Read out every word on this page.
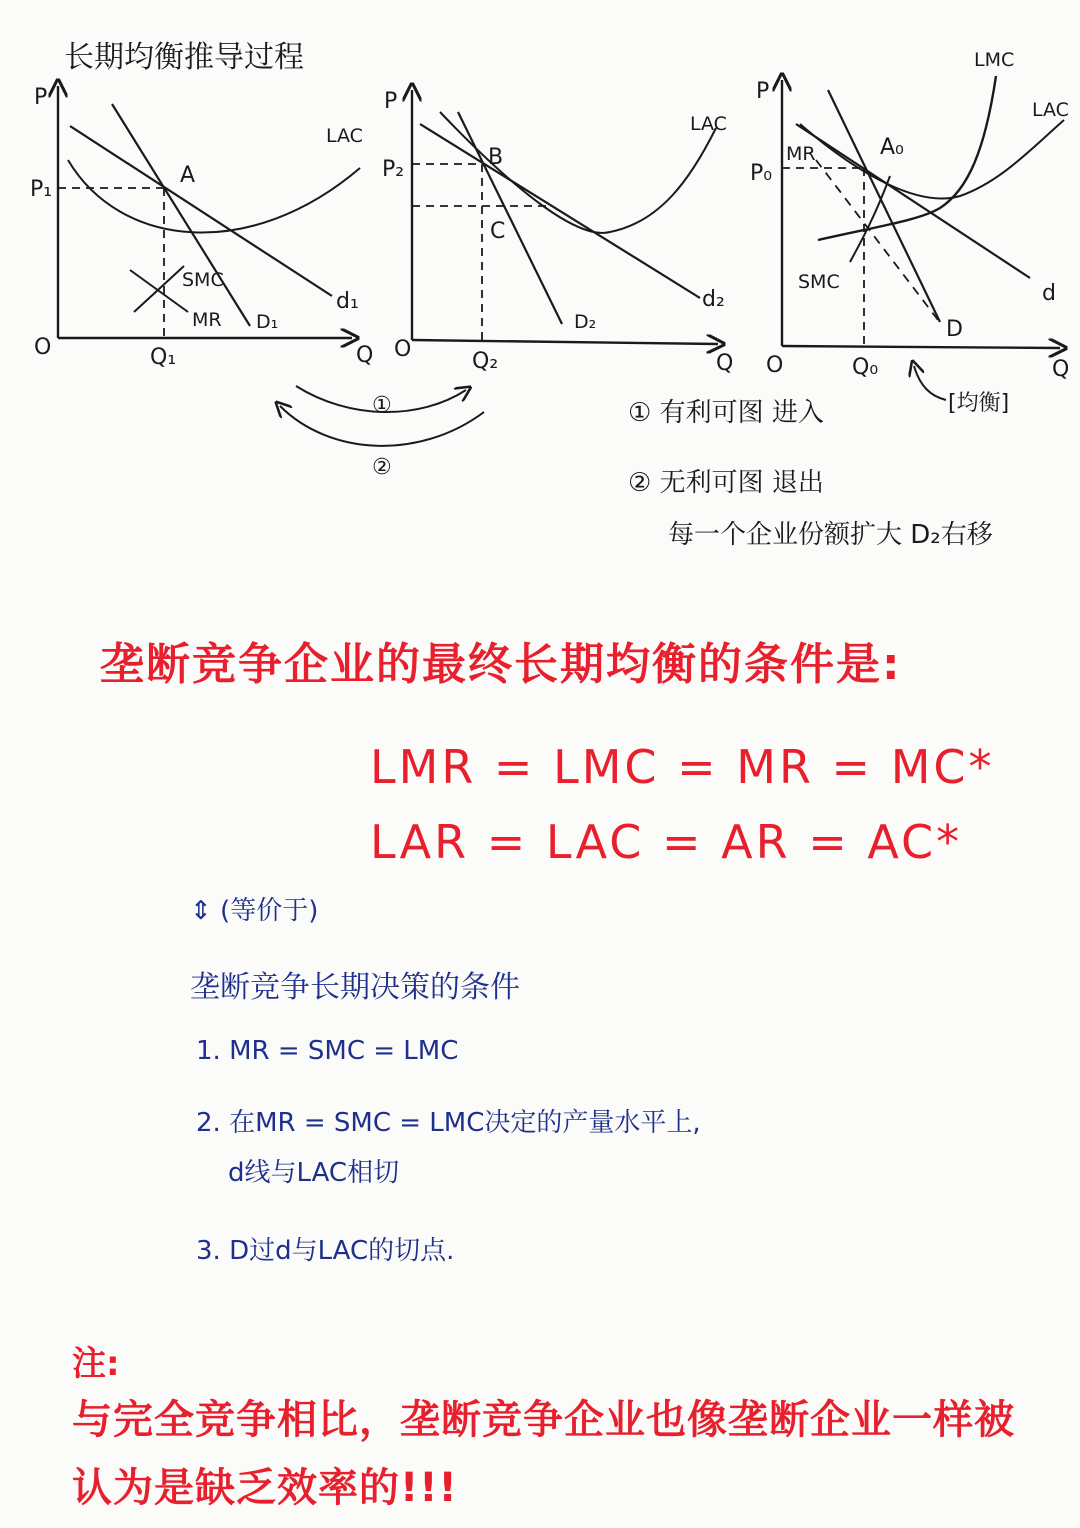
长期均衡推导过程
P
Q
O
LAC
d₁
D₁
P₁
Q₁
A
SMC
MR
P
Q
O
LAC
d₂
D₂
P₂
Q₂
B
C
P
Q
O
LAC
LMC
SMC	d
D
MR
P₀
Q₀
A₀
[均衡]
①
②
① 有利可图 进入
② 无利可图 退出
每一个企业份额扩大 D₂右移
垄断竞争企业的最终长期均衡的条件是:
LMR = LMC = MR = MC*
LAR = LAC = AR = AC*
⇕ (等价于)
垄断竞争长期决策的条件
1. MR = SMC = LMC
2. 在MR = SMC = LMC决定的产量水平上,
d线与LAC相切
3. D过d与LAC的切点.
注:
与完全竞争相比，垄断竞争企业也像垄断企业一样被认为是缺乏效率的!!!
